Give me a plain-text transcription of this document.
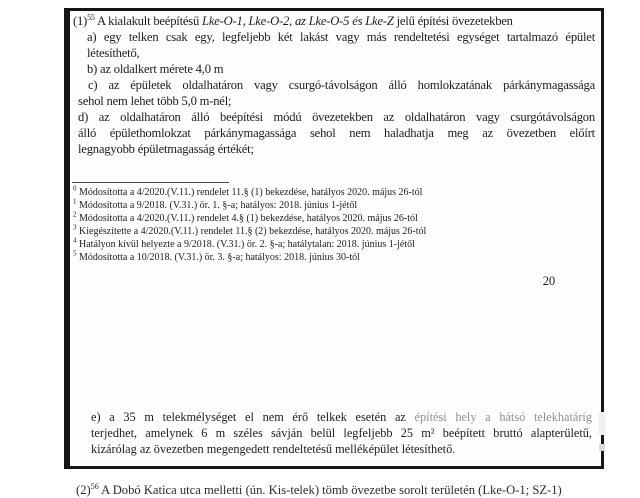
$(1)^{55}$ A kialakult beépítésű Lke-O-1, Lke-O-2, az Lke-O-5 és Lke-Z jelű építési övezetekben

a) egy telken csak egy, legfeljebb két lakást vagy más rendeltetési egységet tartalmazó épület
létesíthető,

b) az oldalkert mérete 4,0 m

c) az épületek oldalhatáron vagy csurgó-távolságon álló homlokzatának párkánymagassága
sehol nem lehet több 5,0 m-nél;

d) az oldalhatáron álló beépítési módú övezetekben az oldalhatáron vagy csurgótávolságon
álló épülethomlokzat párkánymagassága sehol nem haladhatja meg az övezetben előírt
legnagyobb épületmagasság értékét;

$^0$ Módosította a 4/2020.(V.11.) rendelet 11.§ (1) bekezdése, hatályos 2020. május 26-tól
$^1$ Módosította a 9/2018. (V.31.) ör. 1. §-a; hatályos: 2018. június 1-jétől
$^2$ Módosította a 4/2020.(V.11.) rendelet 4.§ (1) bekezdése, hatályos 2020. május 26-tól
$^3$ Kiegészítette a 4/2020.(V.11.) rendelet 11.§ (2) bekezdése, hatályos 2020. május 26-tól
$^4$ Hatályon kívül helyezte a 9/2018. (V.31.) ör. 2. §-a; hatálytalan: 2018. június 1-jétől
$^5$ Módosította a 10/2018. (V.31.) ör. 3. §-a; hatályos: 2018. június 30-tól
20

e) a 35 m telekmélységet el nem érő telkek esetén az építési hely a hátsó telekhatárig
terjedhet, amelynek 6 m széles sávján belül legfeljebb 25 m² beépített bruttó alapterületű,
kizárólag az övezetben megengedett rendeltetésű melléképület létesíthető.

$(2)^{56}$ A Dobó Katica utca melletti (ún. Kis-telek) tömb övezetbe sorolt területén (Lke-O-1; SZ-1)
